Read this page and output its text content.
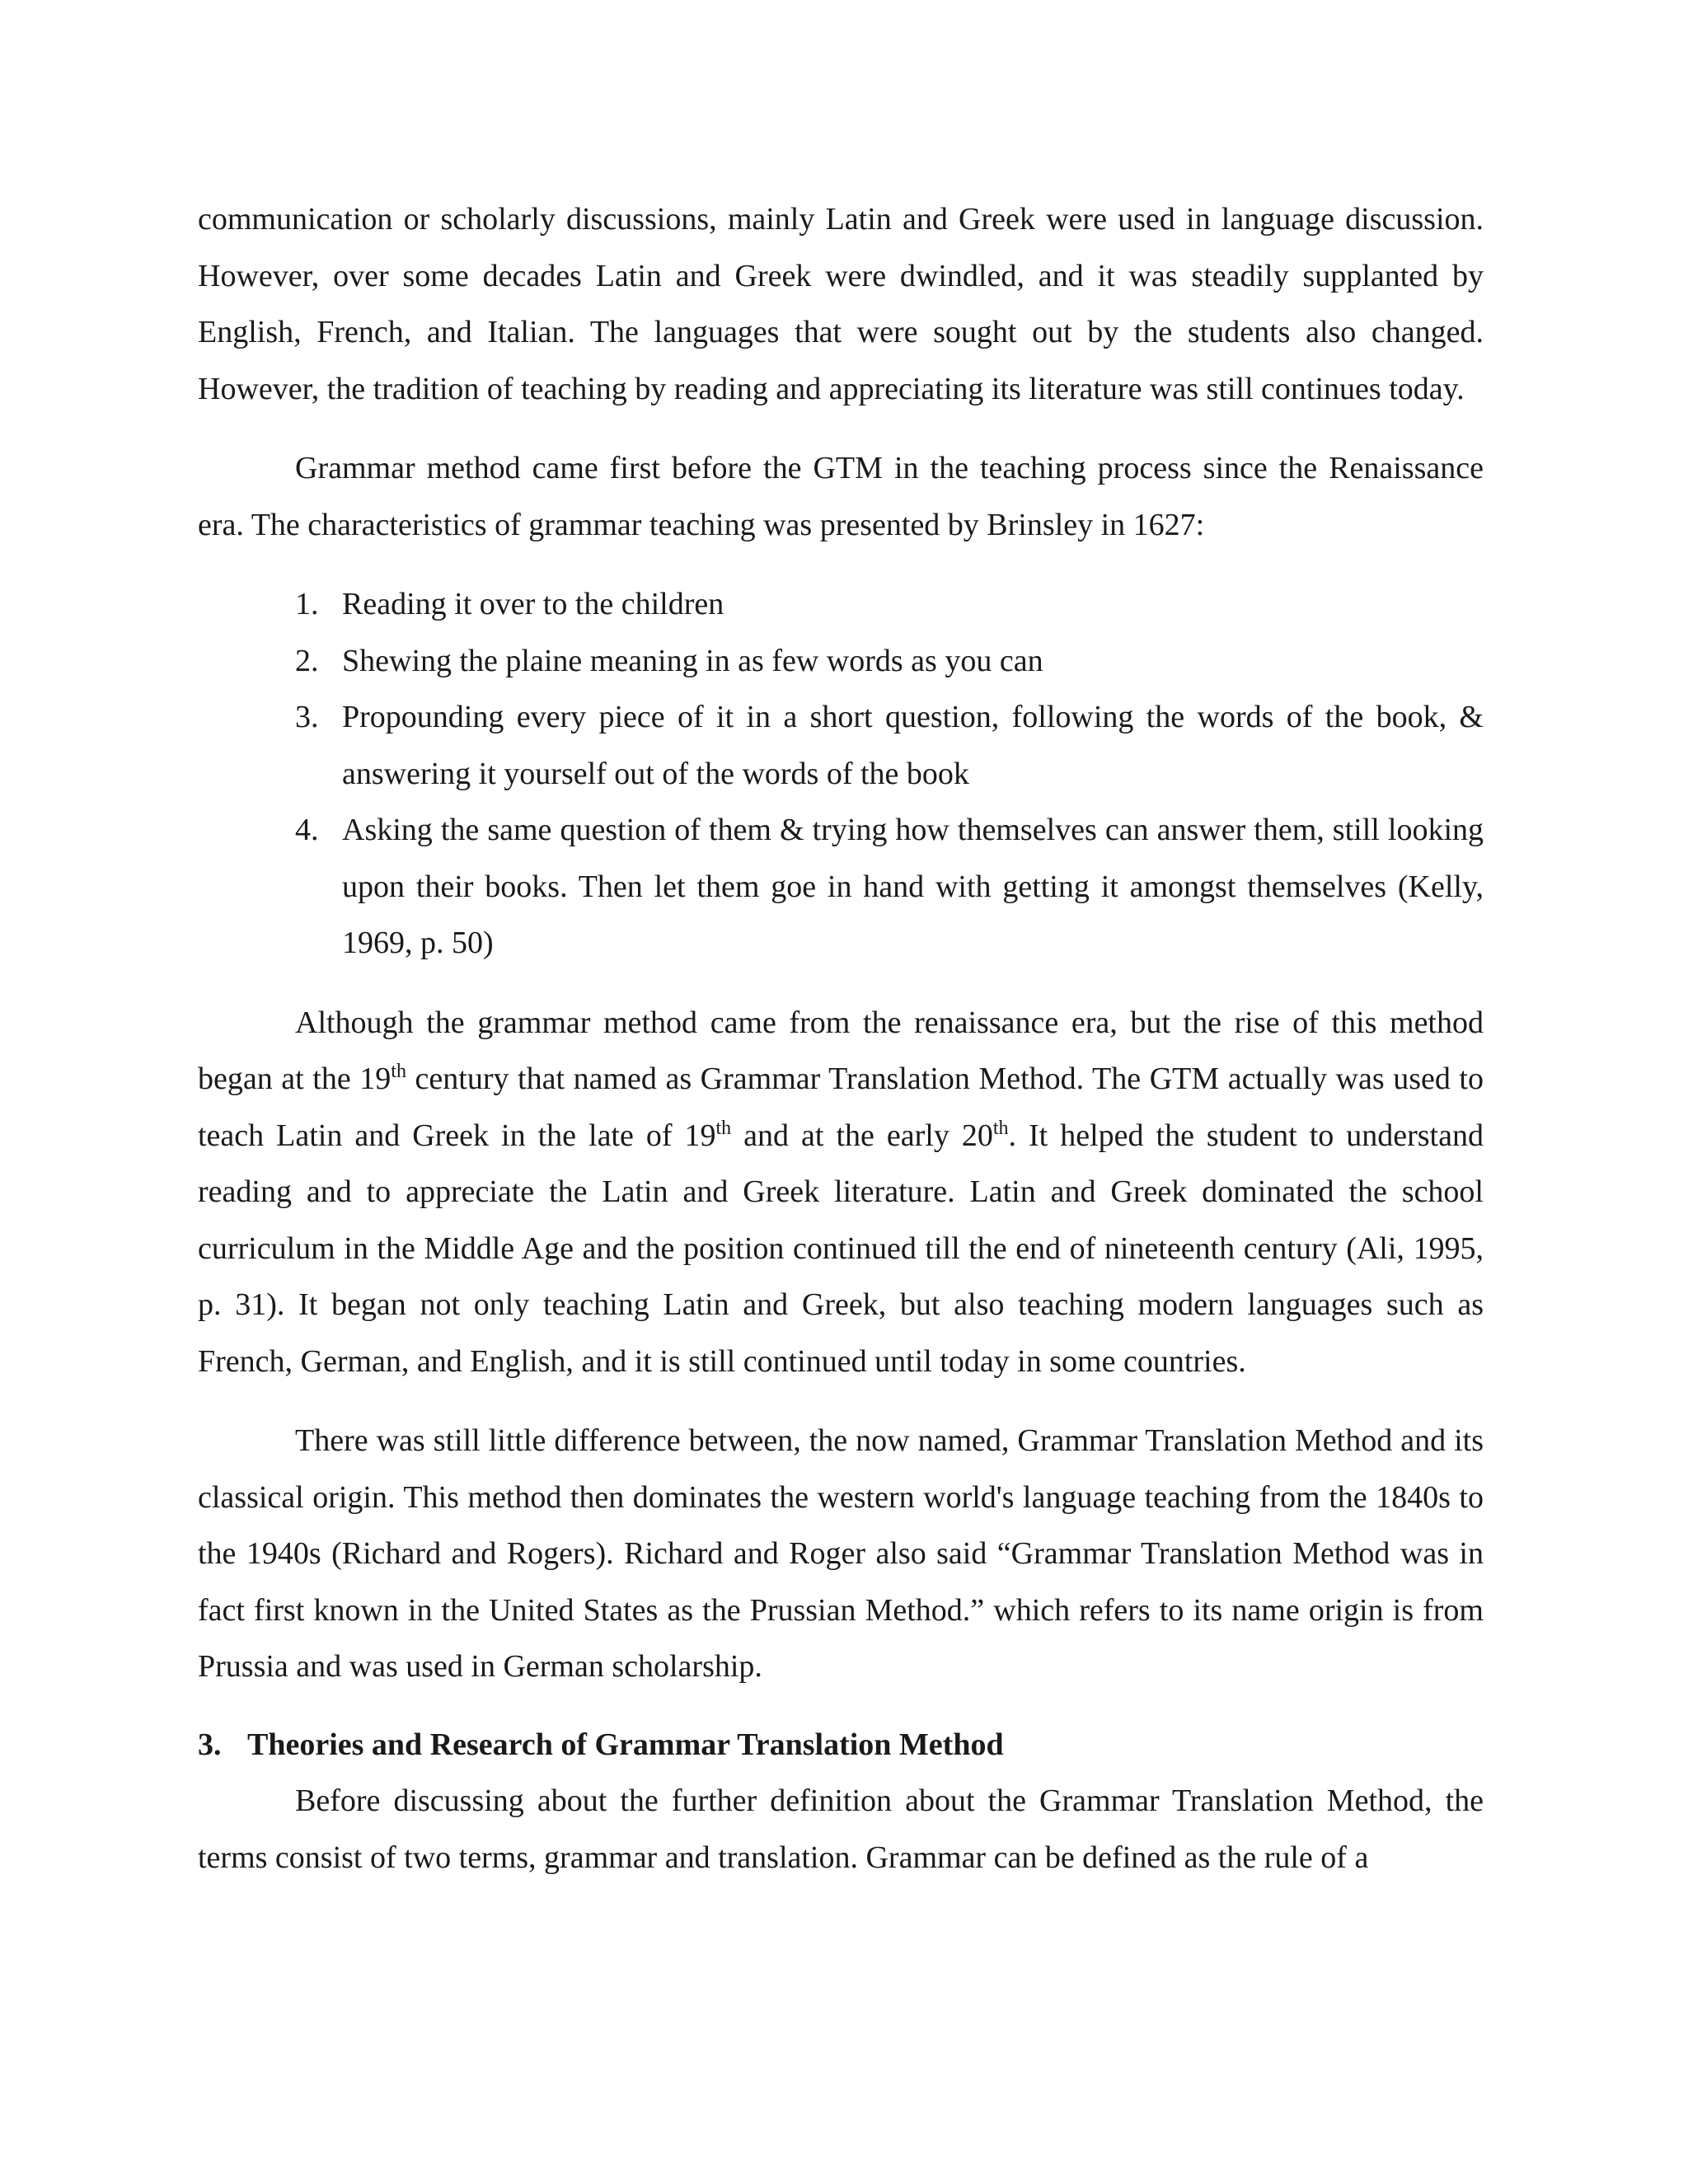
communication or scholarly discussions, mainly Latin and Greek were used in language discussion. However, over some decades Latin and Greek were dwindled, and it was steadily supplanted by English, French, and Italian. The languages that were sought out by the students also changed. However, the tradition of teaching by reading and appreciating its literature was still continues today.

Grammar method came first before the GTM in the teaching process since the Renaissance era. The characteristics of grammar teaching was presented by Brinsley in 1627:

1. Reading it over to the children
2. Shewing the plaine meaning in as few words as you can
3. Propounding every piece of it in a short question, following the words of the book, & answering it yourself out of the words of the book
4. Asking the same question of them & trying how themselves can answer them, still looking upon their books. Then let them goe in hand with getting it amongst themselves (Kelly, 1969, p. 50)

Although the grammar method came from the renaissance era, but the rise of this method began at the 19th century that named as Grammar Translation Method. The GTM actually was used to teach Latin and Greek in the late of 19th and at the early 20th. It helped the student to understand reading and to appreciate the Latin and Greek literature. Latin and Greek dominated the school curriculum in the Middle Age and the position continued till the end of nineteenth century (Ali, 1995, p. 31). It began not only teaching Latin and Greek, but also teaching modern languages such as French, German, and English, and it is still continued until today in some countries.

There was still little difference between, the now named, Grammar Translation Method and its classical origin. This method then dominates the western world's language teaching from the 1840s to the 1940s (Richard and Rogers). Richard and Roger also said “Grammar Translation Method was in fact first known in the United States as the Prussian Method.” which refers to its name origin is from Prussia and was used in German scholarship.

3. Theories and Research of Grammar Translation Method

Before discussing about the further definition about the Grammar Translation Method, the terms consist of two terms, grammar and translation. Grammar can be defined as the rule of a
